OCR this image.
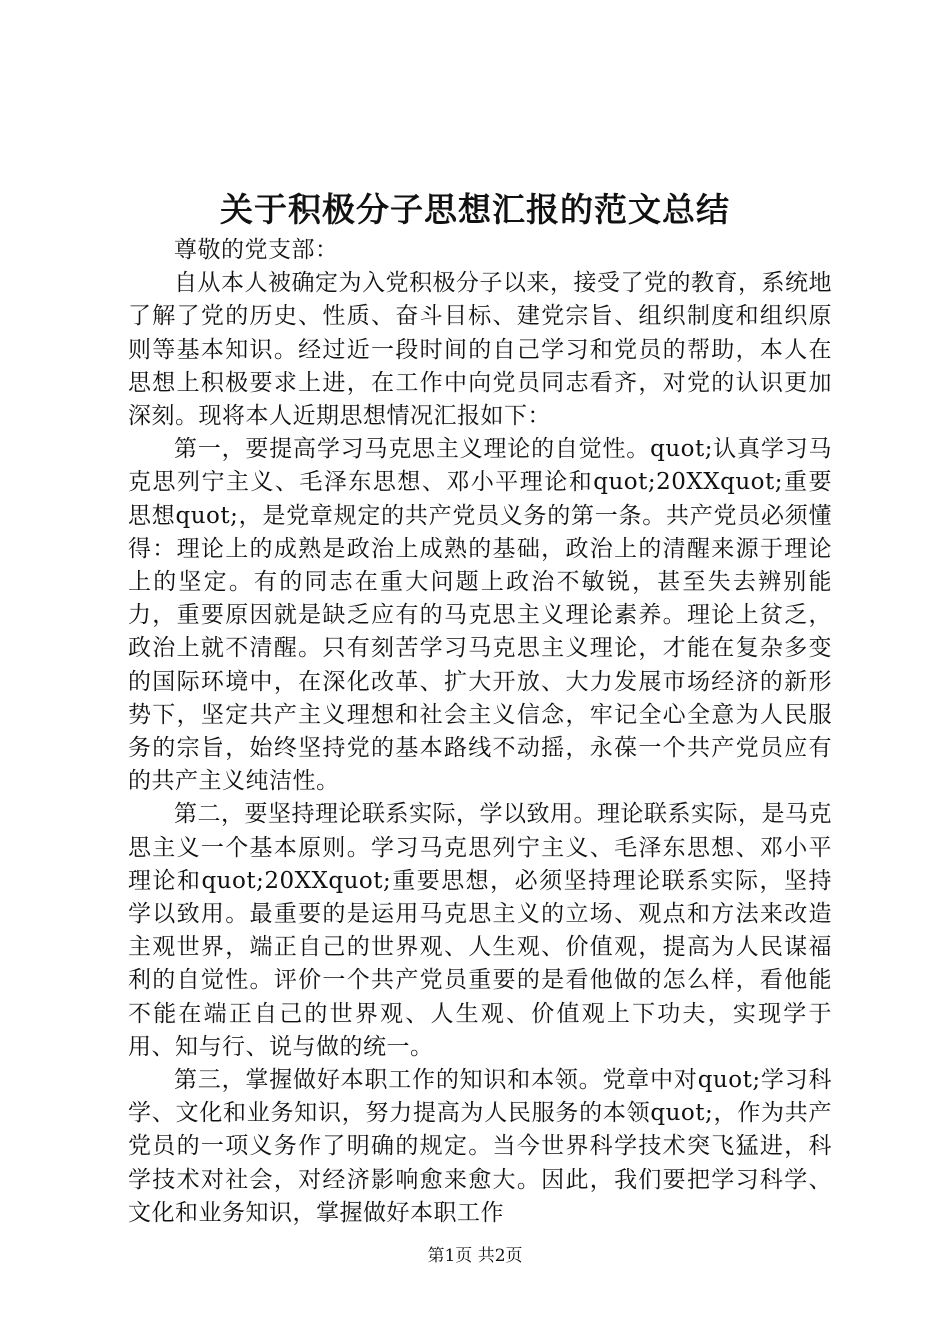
关于积极分子思想汇报的范文总结

尊敬的党支部：

自从本人被确定为入党积极分子以来，接受了党的教育，系统地了解了党的历史、性质、奋斗目标、建党宗旨、组织制度和组织原则等基本知识。经过近一段时间的自己学习和党员的帮助，本人在思想上积极要求上进，在工作中向党员同志看齐，对党的认识更加深刻。现将本人近期思想情况汇报如下：

第一，要提高学习马克思主义理论的自觉性。quot;认真学习马克思列宁主义、毛泽东思想、邓小平理论和quot;20XXquot;重要思想quot;，是党章规定的共产党员义务的第一条。共产党员必须懂得：理论上的成熟是政治上成熟的基础，政治上的清醒来源于理论上的坚定。有的同志在重大问题上政治不敏锐，甚至失去辨别能力，重要原因就是缺乏应有的马克思主义理论素养。理论上贫乏，政治上就不清醒。只有刻苦学习马克思主义理论，才能在复杂多变的国际环境中，在深化改革、扩大开放、大力发展市场经济的新形势下，坚定共产主义理想和社会主义信念，牢记全心全意为人民服务的宗旨，始终坚持党的基本路线不动摇，永葆一个共产党员应有的共产主义纯洁性。

第二，要坚持理论联系实际，学以致用。理论联系实际，是马克思主义一个基本原则。学习马克思列宁主义、毛泽东思想、邓小平理论和quot;20XXquot;重要思想，必须坚持理论联系实际，坚持学以致用。最重要的是运用马克思主义的立场、观点和方法来改造主观世界，端正自己的世界观、人生观、价值观，提高为人民谋福利的自觉性。评价一个共产党员重要的是看他做的怎么样，看他能不能在端正自己的世界观、人生观、价值观上下功夫，实现学于用、知与行、说与做的统一。

第三，掌握做好本职工作的知识和本领。党章中对quot;学习科学、文化和业务知识，努力提高为人民服务的本领quot;，作为共产党员的一项义务作了明确的规定。当今世界科学技术突飞猛进，科学技术对社会，对经济影响愈来愈大。因此，我们要把学习科学、文化和业务知识，掌握做好本职工作

第1页 共2页
